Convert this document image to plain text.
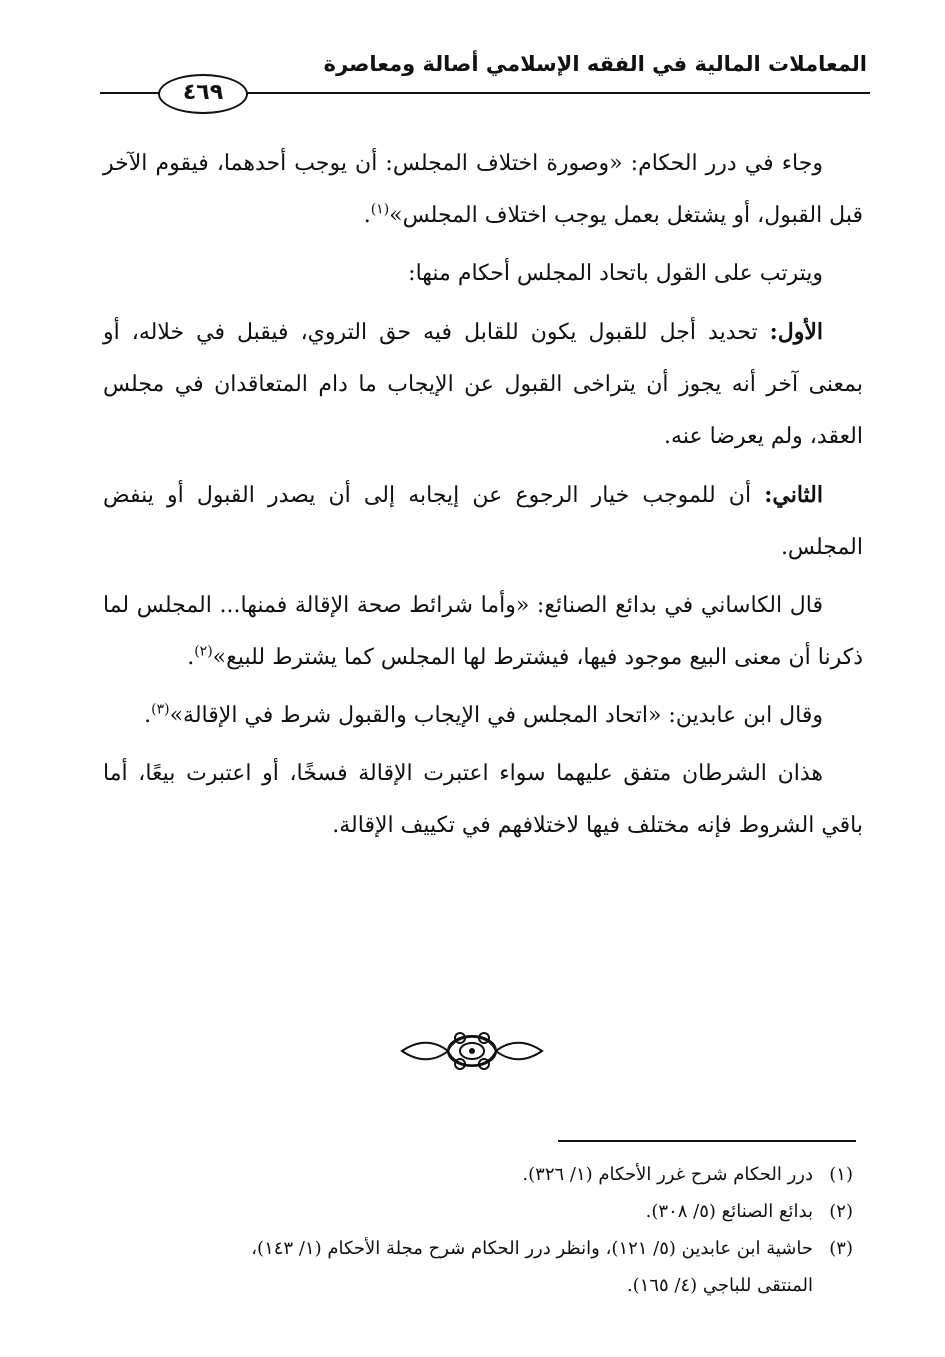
المعاملات المالية في الفقه الإسلامي أصالة ومعاصرة
٤٦٩

وجاء في درر الحكام: «وصورة اختلاف المجلس: أن يوجب أحدهما، فيقوم الآخر قبل القبول، أو يشتغل بعمل يوجب اختلاف المجلس»$^{(١)}$.

ويترتب على القول باتحاد المجلس أحكام منها:

الأول: تحديد أجل للقبول يكون للقابل فيه حق التروي، فيقبل في خلاله، أو بمعنى آخر أنه يجوز أن يتراخى القبول عن الإيجاب ما دام المتعاقدان في مجلس العقد، ولم يعرضا عنه.

الثاني: أن للموجب خيار الرجوع عن إيجابه إلى أن يصدر القبول أو ينفض المجلس.

قال الكاساني في بدائع الصنائع: «وأما شرائط صحة الإقالة فمنها... المجلس لما ذكرنا أن معنى البيع موجود فيها، فيشترط لها المجلس كما يشترط للبيع»$^{(٢)}$.

وقال ابن عابدين: «اتحاد المجلس في الإيجاب والقبول شرط في الإقالة»$^{(٣)}$.

هذان الشرطان متفق عليهما سواء اعتبرت الإقالة فسخًا، أو اعتبرت بيعًا، أما باقي الشروط فإنه مختلف فيها لاختلافهم في تكييف الإقالة.

(١)درر الحكام شرح غرر الأحكام (١/ ٣٢٦).

(٢)بدائع الصنائع (٥/ ٣٠٨).

(٣)حاشية ابن عابدين (٥/ ١٢١)، وانظر درر الحكام شرح مجلة الأحكام (١/ ١٤٣)،

المنتقى للباجي (٤/ ١٦٥).
